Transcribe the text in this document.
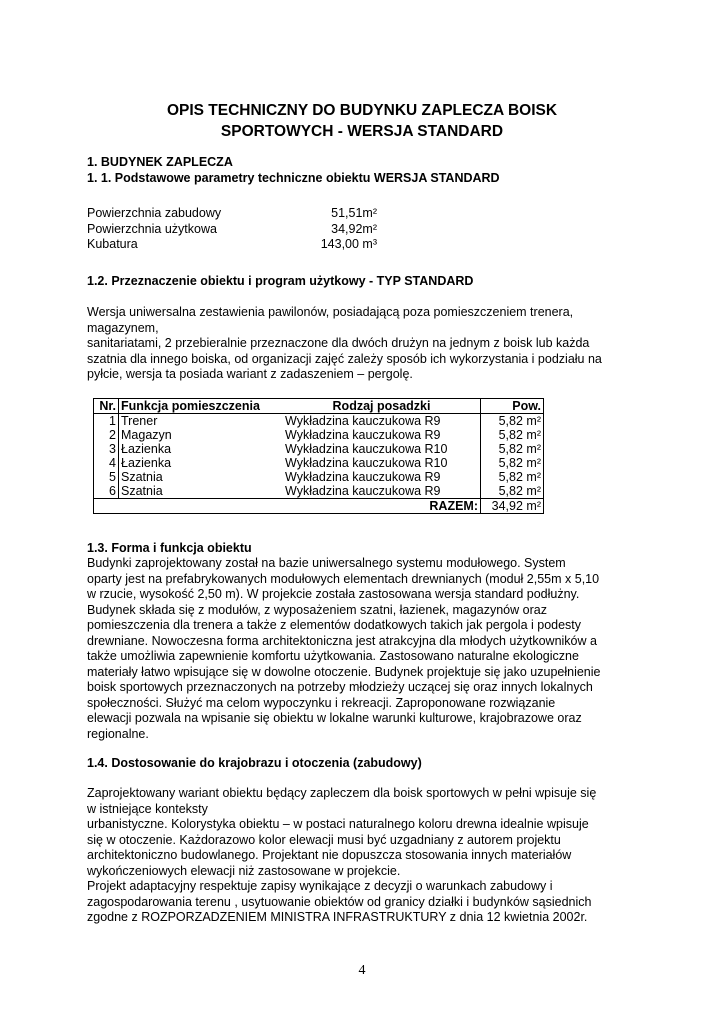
OPIS TECHNICZNY DO BUDYNKU ZAPLECZA BOISK
SPORTOWYCH - WERSJA STANDARD
1. BUDYNEK ZAPLECZA
1. 1. Podstawowe parametry techniczne obiektu WERSJA STANDARD
Powierzchnia zabudowy	51,51m²
Powierzchnia użytkowa	34,92m²
Kubatura	143,00 m³
1.2. Przeznaczenie obiektu i program użytkowy - TYP STANDARD
Wersja uniwersalna zestawienia pawilonów, posiadającą poza pomieszczeniem trenera,
magazynem,
sanitariatami, 2 przebieralnie przeznaczone dla dwóch drużyn na jednym z boisk lub każda
szatnia dla innego boiska, od organizacji zajęć zależy sposób ich wykorzystania i podziału na
pyłcie, wersja ta posiada wariant z zadaszeniem – pergolę.
Nr.	Funkcja pomieszczenia	Rodzaj posadzki	Pow.
1	Trener	Wykładzina kauczukowa R9	5,82 m²
2	Magazyn	Wykładzina kauczukowa R9	5,82 m²
3	Łazienka	Wykładzina kauczukowa R10	5,82 m²
4	Łazienka	Wykładzina kauczukowa R10	5,82 m²
5	Szatnia	Wykładzina kauczukowa R9	5,82 m²
6	Szatnia	Wykładzina kauczukowa R9	5,82 m²
		RAZEM:	34,92 m²
1.3. Forma i funkcja obiektu
Budynki zaprojektowany został na bazie uniwersalnego systemu modułowego. System
oparty jest na prefabrykowanych modułowych elementach drewnianych (moduł 2,55m x 5,10
w rzucie, wysokość 2,50 m). W projekcie została zastosowana wersja standard podłużny.
Budynek składa się z modułów, z wyposażeniem szatni, łazienek, magazynów oraz
pomieszczenia dla trenera a także z elementów dodatkowych takich jak pergola i podesty
drewniane. Nowoczesna forma architektoniczna jest atrakcyjna dla młodych użytkowników a
także umożliwia zapewnienie komfortu użytkowania. Zastosowano naturalne ekologiczne
materiały łatwo wpisujące się w dowolne otoczenie. Budynek projektuje się jako uzupełnienie
boisk sportowych przeznaczonych na potrzeby młodzieży uczącej się oraz innych lokalnych
społeczności. Służyć ma celom wypoczynku i rekreacji. Zaproponowane rozwiązanie
elewacji pozwala na wpisanie się obiektu w lokalne warunki kulturowe, krajobrazowe oraz
regionalne.
1.4. Dostosowanie do krajobrazu i otoczenia (zabudowy)
Zaprojektowany wariant obiektu będący zapleczem dla boisk sportowych w pełni wpisuje się
w istniejące konteksty
urbanistyczne. Kolorystyka obiektu – w postaci naturalnego koloru drewna idealnie wpisuje
się w otoczenie. Każdorazowo kolor elewacji musi być uzgadniany z autorem projektu
architektoniczno budowlanego. Projektant nie dopuszcza stosowania innych materiałów
wykończeniowych elewacji niż zastosowane w projekcie.
Projekt adaptacyjny respektuje zapisy wynikające z decyzji o warunkach zabudowy i
zagospodarowania terenu , usytuowanie obiektów od granicy działki i budynków sąsiednich
zgodne z ROZPORZADZENIEM MINISTRA INFRASTRUKTURY z dnia 12 kwietnia 2002r.
4
